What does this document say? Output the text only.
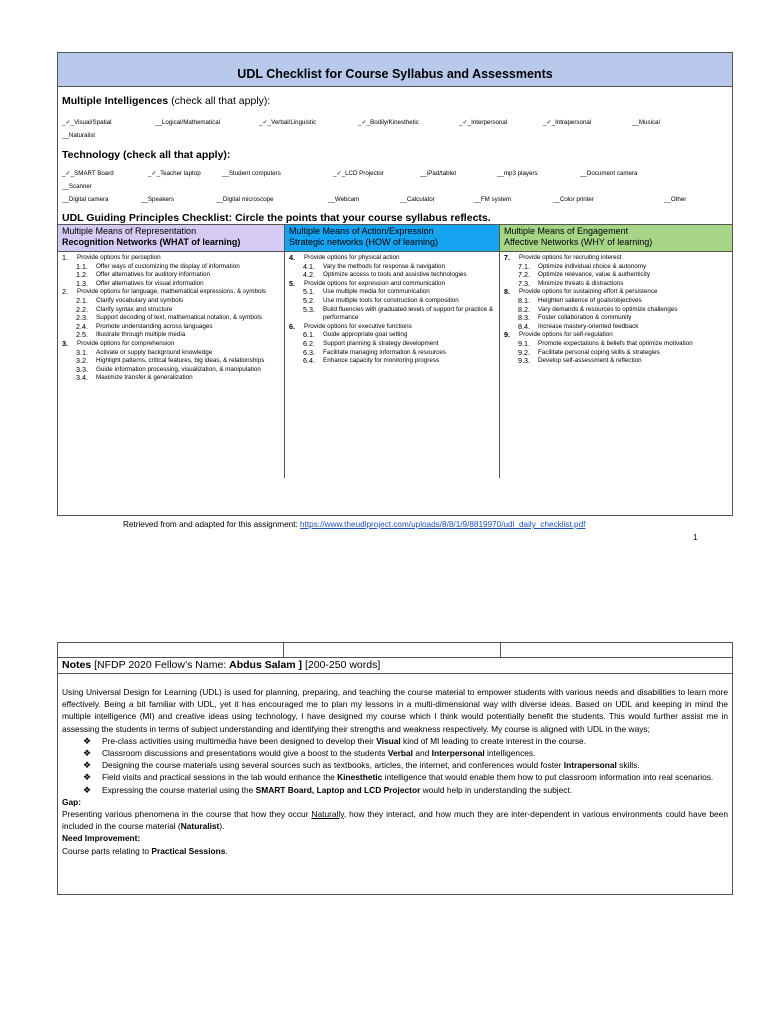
UDL Checklist for Course Syllabus and Assessments
Multiple Intelligences (check all that apply):
_✓_Visual/Spatial	__Logical/Mathematical	_✓_Verbal/Linguistic	_✓_Bodily/Kinesthetic	_✓_Interpersonal	_✓_Intrapersonal	__Musical
__Naturalist
Technology (check all that apply):
_✓_SMART Board	_✓_Teacher laptop	__Student computers	_✓_LCD Projector	__iPad/tablet	__mp3 players	__Document camera
__Scanner
__Digital camera	__Speakers	__Digital microscope	__Webcam	__Calculator	__FM system	__Color printer	__Other
UDL Guiding Principles Checklist: Circle the points that your course syllabus reflects.
Multiple Means of Representation
Recognition Networks (WHAT of learning)
Multiple Means of Action/Expression
Strategic networks (HOW of learning)
Multiple Means of Engagement
Affective Networks (WHY of learning)
1.	Provide options for perception
1.1.	Offer ways of customizing the display of information
1.2.	Offer alternatives for auditory information
1.3.	Offer alternatives for visual information
2.	Provide options for language, mathematical expressions, & symbols
2.1.	Clarify vocabulary and symbols
2.2.	Clarify syntax and structure
2.3.	Support decoding of text, mathematical notation, & symbols
2.4.	Promote understanding across languages
2.5.	Illustrate through multiple media
3.	Provide options for comprehension
3.1.	Activate or supply background knowledge
3.2.	Highlight patterns, critical features, big ideas, & relationships
3.3.	Guide information processing, visualization, & manipulation
3.4.	Maximize transfer & generalization
4.	Provide options for physical action
4.1.	Vary the methods for response & navigation
4.2.	Optimize access to tools and assistive technologies
5.	Provide options for expression and communication
5.1.	Use multiple media for communication
5.2.	Use multiple tools for construction & composition
5.3.	Build fluencies with graduated levels of support for practice & performance
6.	Provide options for executive functions
6.1.	Guide appropriate goal setting
6.2.	Support planning & strategy development
6.3.	Facilitate managing information & resources
6.4.	Enhance capacity for monitoring progress
7.	Provide options for recruiting interest
7.1.	Optimize individual choice & autonomy
7.2.	Optimize relevance, value & authenticity
7.3.	Minimize threats & distractions
8.	Provide options for sustaining effort & persistence
8.1.	Heighten salience of goals/objectives
8.2.	Vary demands & resources to optimize challenges
8.3.	Foster collaboration & community
8.4.	Increase mastery-oriented feedback
9.	Provide options for self-regulation
9.1.	Promote expectations & beliefs that optimize motivation
9.2.	Facilitate personal coping skills & strategies
9.3.	Develop self-assessment & reflection
Retrieved from and adapted for this assignment: https://www.theudlproject.com/uploads/8/8/1/9/8819970/udl_daily_checklist.pdf
1
Notes [NFDP 2020 Fellow’s Name: Abdus Salam ] [200-250 words]
Using Universal Design for Learning (UDL) is used for planning, preparing, and teaching the course material to empower students with various needs and disabilities to learn more effectively. Being a bit familiar with UDL, yet it has encouraged me to plan my lessons in a multi-dimensional way with diverse ideas. Based on UDL and keeping in mind the multiple intelligence (MI) and creative ideas using technology, I have designed my course which I think would potentially benefit the students. This would further assist me in assessing the students in terms of subject understanding and identifying their strengths and weakness respectively. My course is aligned with UDL in the ways;
❖	Pre-class activities using multimedia have been designed to develop their Visual kind of MI leading to create interest in the course.
❖	Classroom discussions and presentations would give a boost to the students Verbal and Interpersonal intelligences.
❖	Designing the course materials using several sources such as textbooks, articles, the internet, and conferences would foster Intrapersonal skills.
❖	Field visits and practical sessions in the lab would enhance the Kinesthetic intelligence that would enable them how to put classroom information into real scenarios.
❖	Expressing the course material using the SMART Board, Laptop and LCD Projector would help in understanding the subject.
Gap:
Presenting various phenomena in the course that how they occur Naturally, how they interact, and how much they are inter-dependent in various environments could have been included in the course material (Naturalist).
Need Improvement:
Course parts relating to Practical Sessions.
